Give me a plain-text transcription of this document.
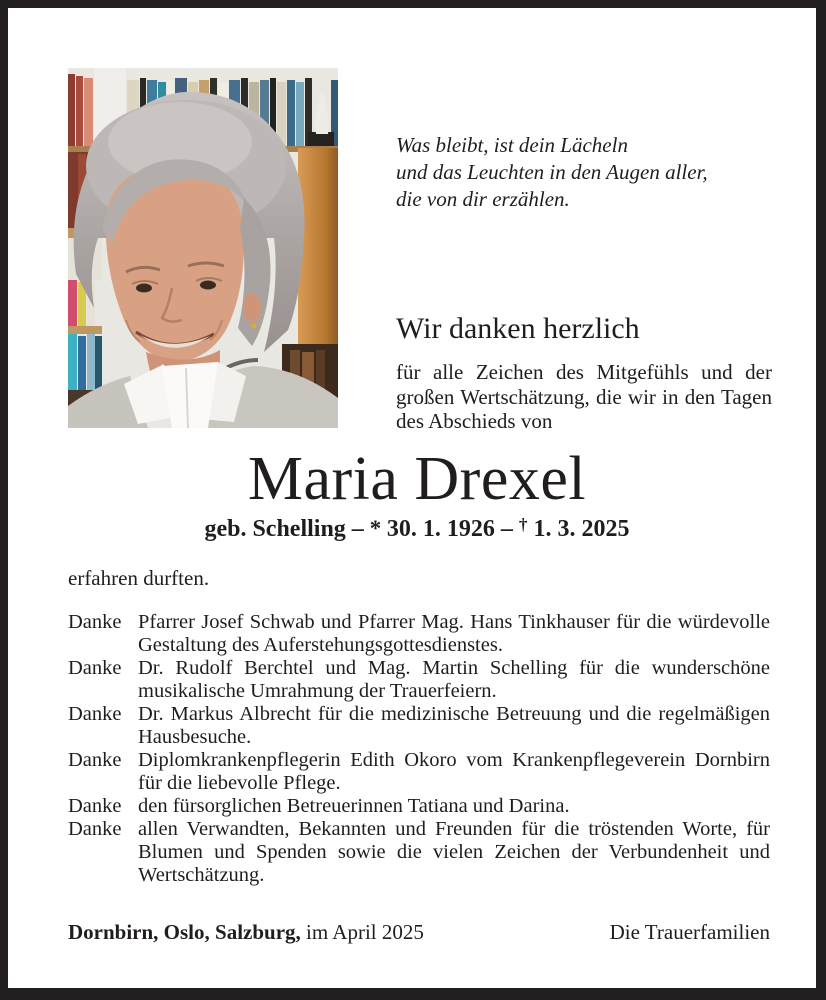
Was bleibt, ist dein Lächeln
und das Leuchten in den Augen aller,
die von dir erzählen.
Wir danken herzlich

für alle Zeichen des Mitgefühls und der großen Wertschätzung, die wir in den Tagen des Abschieds von

Maria Drexel
geb. Schelling – * 30. 1. 1926 – † 1. 3. 2025

erfahren durften.

Danke Pfarrer Josef Schwab und Pfarrer Mag. Hans Tinkhauser für die würdevolle Gestaltung des Auferstehungsgottesdienstes.
Danke Dr. Rudolf Berchtel und Mag. Martin Schelling für die wunderschöne musikalische Umrahmung der Trauerfeiern.
Danke Dr. Markus Albrecht für die medizinische Betreuung und die regelmäßigen Hausbesuche.
Danke Diplomkrankenpflegerin Edith Okoro vom Krankenpflegeverein Dornbirn für die liebevolle Pflege.
Danke den fürsorglichen Betreuerinnen Tatiana und Darina.
Danke allen Verwandten, Bekannten und Freunden für die tröstenden Worte, für Blumen und Spenden sowie die vielen Zeichen der Verbundenheit und Wertschätzung.
Dornbirn, Oslo, Salzburg, im April 2025	Die Trauerfamilien
